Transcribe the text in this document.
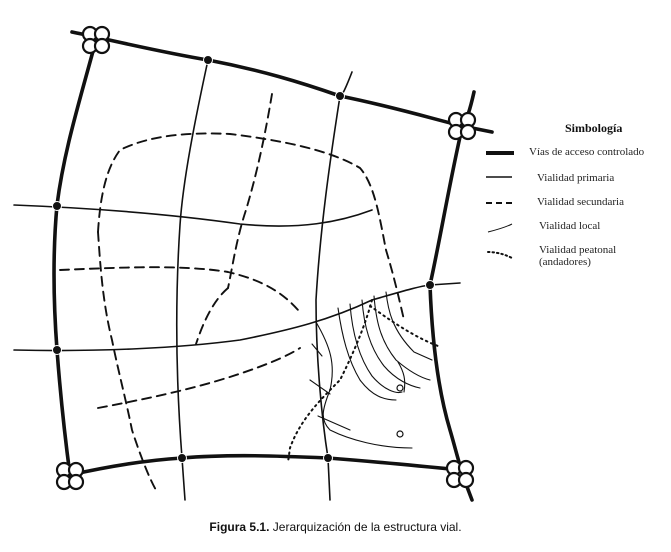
Simbología
Vías de acceso controlado
Vialidad primaria
Vialidad secundaria
Vialidad local
Vialidad peatonal
(andadores)
Figura 5.1. Jerarquización de la estructura vial.
